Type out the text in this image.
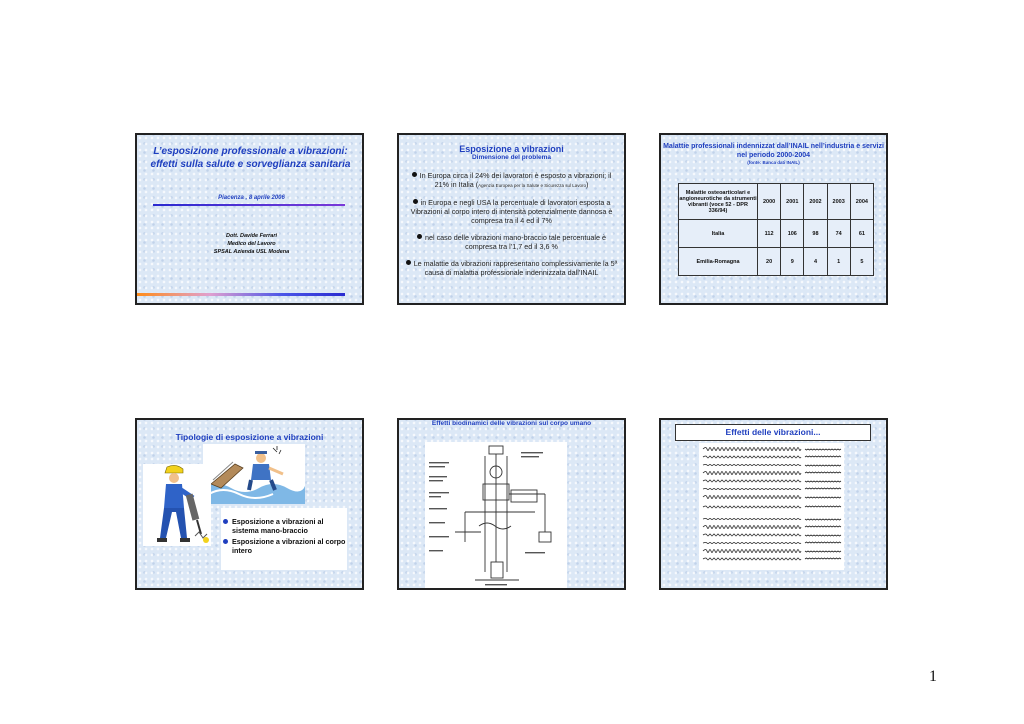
L’esposizione professionale a vibrazioni: effetti sulla salute e sorveglianza sanitaria
Piacenza , 8 aprile 2006
Dott. Davide Ferrari
Medico del Lavoro
SPSAL Azienda USL Modena
Esposizione a vibrazioni
Dimensione del problema

In Europa circa il 24% dei lavoratori è esposto a vibrazioni; il 21% in Italia (Agenzia Europea per la Salute e Sicurezza sul Lavoro)

in Europa e negli USA la percentuale di lavoratori esposta a Vibrazioni al corpo intero di intensità potenzialmente dannosa è compresa tra il 4 ed il 7%

nel caso delle vibrazioni mano-braccio tale percentuale è compresa tra l’1,7 ed il 3,6 %

Le malattie da vibrazioni rappresentano complessivamente la 5ª causa di malattia professionale indennizzata dall’INAIL

Malattie professionali indennizzat dall’INAIL nell’industria e servizi nel periodo 2000-2004
(fonte: Banca dati INAIL)
Malattie osteoarticolari e angioneurotiche da strumenti vibranti (voce 52 - DPR 336/94)	2000	2001	2002	2003	2004
Italia	112	106	98	74	61
Emilia-Romagna	20	9	4	1	5
Tipologie di esposizione a vibrazioni
Esposizione a vibrazioni al sistema mano-braccio
Esposizione a vibrazioni al corpo intero
Effetti biodinamici delle vibrazioni sul corpo umano
Effetti delle vibrazioni...
1
